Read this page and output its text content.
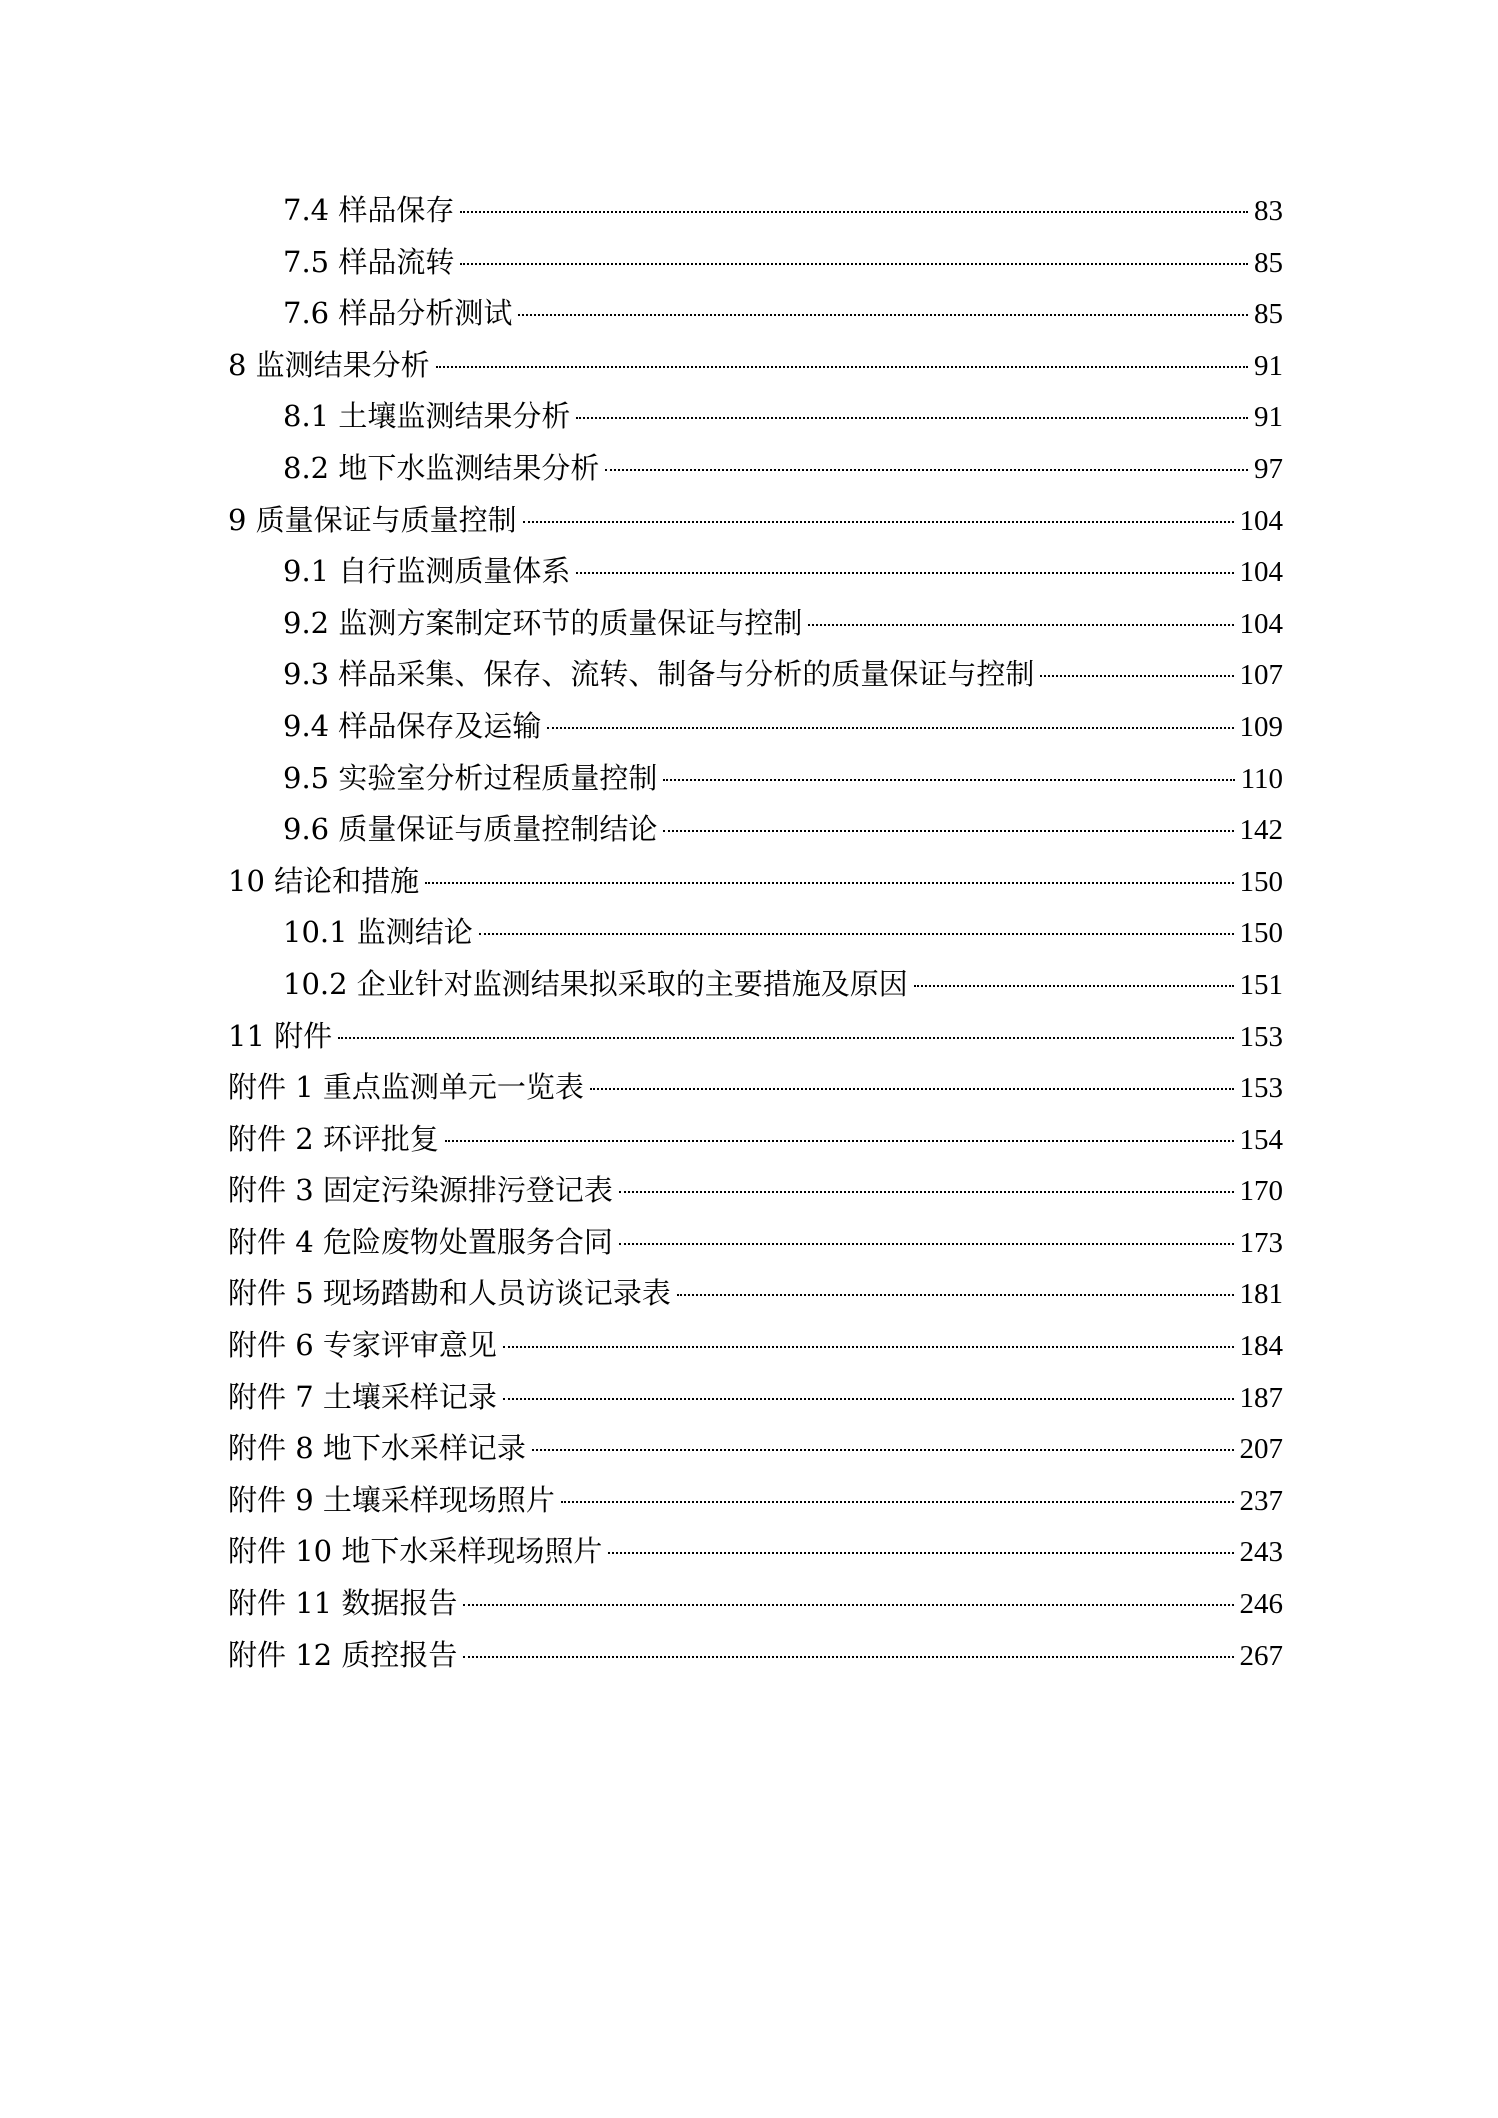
7.4 样品保存	83
7.5 样品流转	85
7.6 样品分析测试	85
8 监测结果分析	91
8.1 土壤监测结果分析	91
8.2 地下水监测结果分析	97
9 质量保证与质量控制	104
9.1 自行监测质量体系	104
9.2 监测方案制定环节的质量保证与控制	104
9.3 样品采集、保存、流转、制备与分析的质量保证与控制	107
9.4 样品保存及运输	109
9.5 实验室分析过程质量控制	110
9.6 质量保证与质量控制结论	142
10 结论和措施	150
10.1 监测结论	150
10.2 企业针对监测结果拟采取的主要措施及原因	151
11 附件	153
附件 1 重点监测单元一览表	153
附件 2 环评批复	154
附件 3 固定污染源排污登记表	170
附件 4 危险废物处置服务合同	173
附件 5 现场踏勘和人员访谈记录表	181
附件 6 专家评审意见	184
附件 7 土壤采样记录	187
附件 8 地下水采样记录	207
附件 9 土壤采样现场照片	237
附件 10 地下水采样现场照片	243
附件 11 数据报告	246
附件 12 质控报告	267
